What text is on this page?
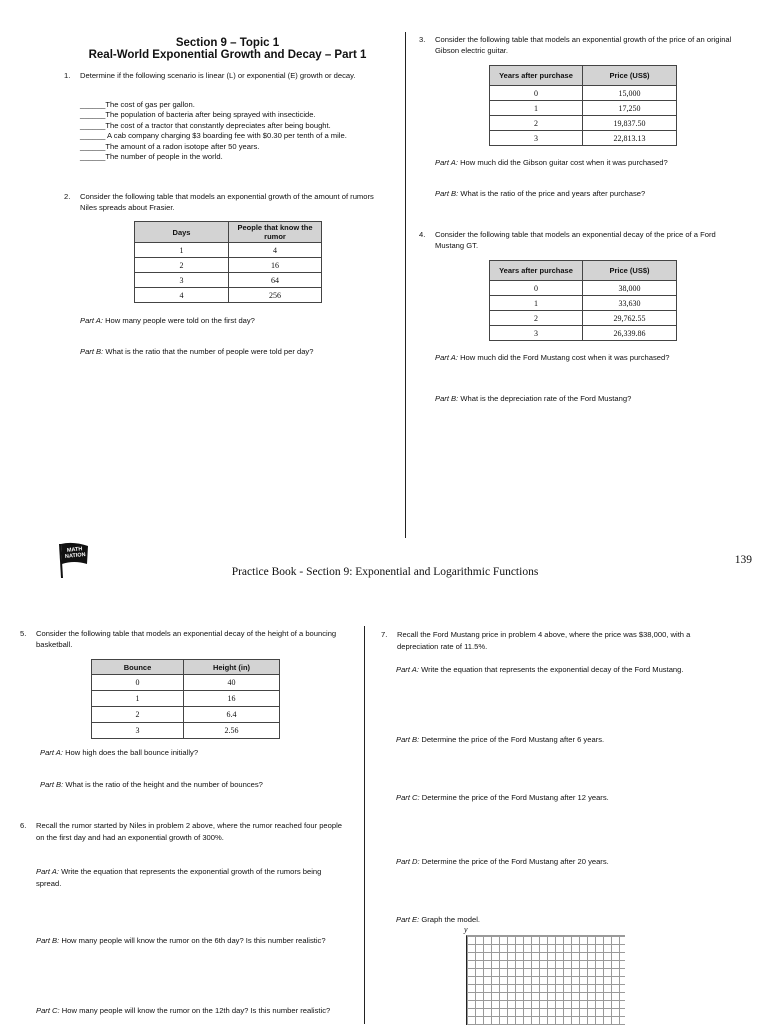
Section 9 – Topic 1
Real-World Exponential Growth and Decay – Part 1
1. Determine if the following scenario is linear (L) or exponential (E) growth or decay.
______The cost of gas per gallon.
______The population of bacteria after being sprayed with insecticide.
______The cost of a tractor that constantly depreciates after being bought.
______ A cab company charging $3 boarding fee with $0.30 per tenth of a mile.
______The amount of a radon isotope after 50 years.
______The number of people in the world.
2. Consider the following table that models an exponential growth of the amount of rumors Niles spreads about Frasier.
Days	People that know the rumor
1	4
2	16
3	64
4	256
Part A: How many people were told on the first day?
Part B: What is the ratio that the number of people were told per day?
3. Consider the following table that models an exponential growth of the price of an original Gibson electric guitar.
Years after purchase	Price (US$)
0	15,000
1	17,250
2	19,837.50
3	22,813.13
Part A: How much did the Gibson guitar cost when it was purchased?
Part B: What is the ratio of the price and years after purchase?
4. Consider the following table that models an exponential decay of the price of a Ford Mustang GT.
Years after purchase	Price (US$)
0	38,000
1	33,630
2	29,762.55
3	26,339.86
Part A: How much did the Ford Mustang cost when it was purchased?
Part B: What is the depreciation rate of the Ford Mustang?
MATH NATION	139
Practice Book - Section 9: Exponential and Logarithmic Functions
5. Consider the following table that models an exponential decay of the height of a bouncing basketball.
Bounce	Height (in)
0	40
1	16
2	6.4
3	2.56
Part A: How high does the ball bounce initially?
Part B: What is the ratio of the height and the number of bounces?
6. Recall the rumor started by Niles in problem 2 above, where the rumor reached four people on the first day and had an exponential growth of 300%.
Part A: Write the equation that represents the exponential growth of the rumors being spread.
Part B: How many people will know the rumor on the 6th day? Is this number realistic?
Part C: How many people will know the rumor on the 12th day? Is this number realistic?
7. Recall the Ford Mustang price in problem 4 above, where the price was $38,000, with a depreciation rate of 11.5%.
Part A: Write the equation that represents the exponential decay of the Ford Mustang.
Part B: Determine the price of the Ford Mustang after 6 years.
Part C: Determine the price of the Ford Mustang after 12 years.
Part D: Determine the price of the Ford Mustang after 20 years.
Part E: Graph the model.
y
